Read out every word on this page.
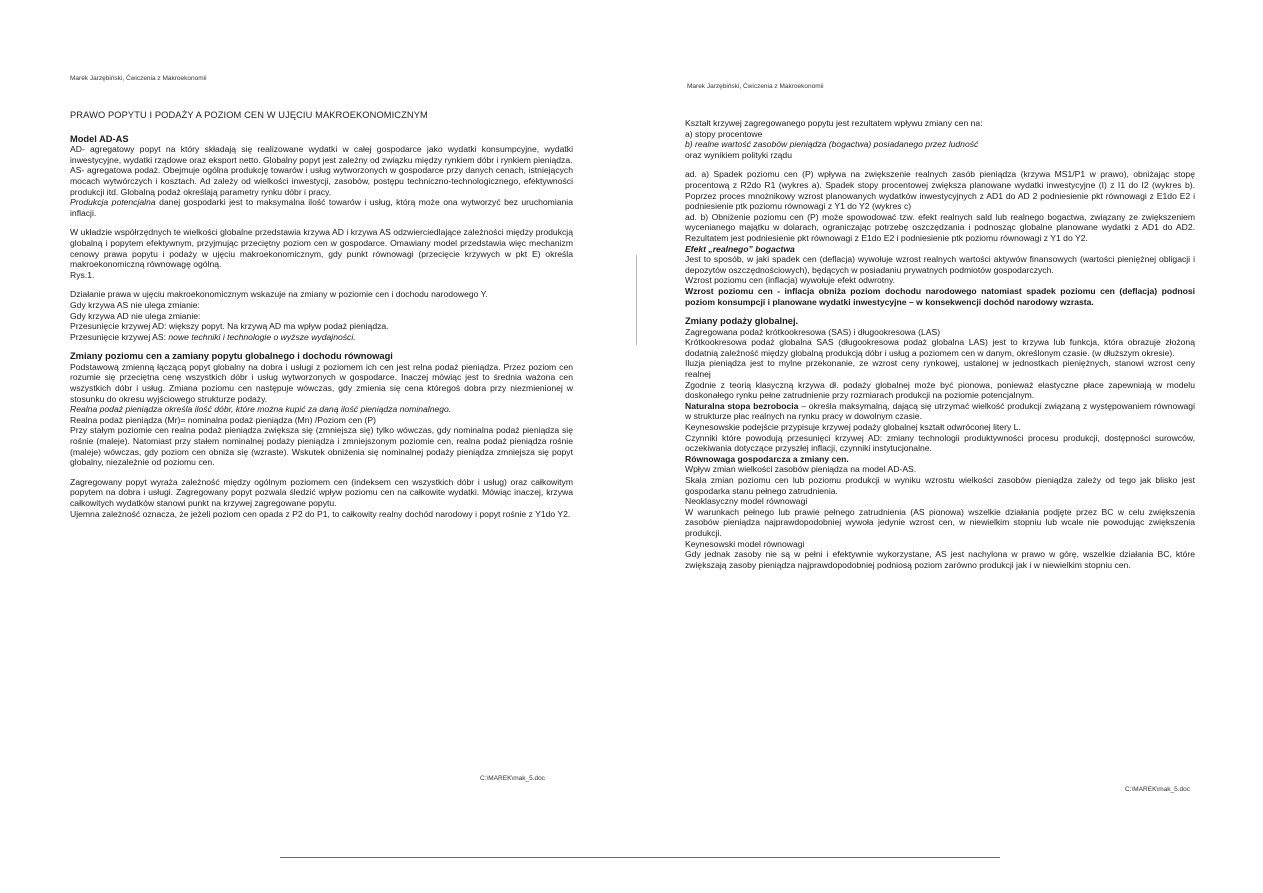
Marek Jarzębiński, Ćwiczenia z Makroekonomii

PRAWO POPYTU I PODAŻY A POZIOM CEN W UJĘCIU MAKROEKONOMICZNYM

Model AD-AS

AD- agregatowy popyt na który składają się realizowane wydatki w całej gospodarce jako wydatki konsumpcyjne, wydatki inwestycyjne, wydatki rządowe oraz eksport netto. Globalny popyt jest zależny od związku między rynkiem dóbr i rynkiem pieniądza.

AS- agregatowa podaż. Obejmuje ogólna produkcję towarów i usług wytworzonych w gospodarce przy danych cenach, istniejących mocach wytwórczych i kosztach. Ad zależy od wielkości inwestycji, zasobów, postępu techniczno-technologicznego, efektywności produkcji itd. Globalną podaż określają parametry rynku dóbr i pracy.

Produkcja potencjalna danej gospodarki jest to maksymalna ilość towarów i usług, którą może ona wytworzyć bez uruchomiania inflacji.

W układzie współrzędnych te wielkości globalne przedstawia krzywa AD i krzywa AS odzwierciedlające zależności między produkcją globalną i popytem efektywnym, przyjmując przeciętny poziom cen w gospodarce. Omawiany model przedstawia więc mechanizm cenowy prawa popytu i podaży w ujęciu makroekonomicznym, gdy punkt równowagi (przecięcie krzywych w pkt E) określa makroekonomiczną równowagę ogólną.

Rys.1.

Działanie prawa w ujęciu makroekonomicznym wskazuje na zmiany w poziomie cen i dochodu narodowego Y.

Gdy krzywa AS nie ulega zmianie:

Gdy krzywa AD nie ulega zmianie:

Przesunięcie krzywej AD: większy popyt. Na krzywą AD ma wpływ podaż pieniądza.

Przesunięcie krzywej AS: nowe techniki i technologie o wyższe wydajności.

Zmiany poziomu cen a zamiany popytu globalnego i dochodu równowagi

Podstawową zmienną łączącą popyt globalny na dobra i usługi z poziomem ich cen jest relna podaż pieniądza. Przez poziom cen rozumie się przeciętna cenę wszystkich dóbr i usług wytworzonych w gospodarce. Inaczej mówiąc jest to średnia ważona cen wszystkich dóbr i usług. Zmiana poziomu cen następuje wówczas, gdy zmienia się cena któregoś dobra przy niezmienionej w stosunku do okresu wyjściowego strukturze podaży.

Realna podaż pieniądza określa ilość dóbr, które można kupić za daną ilość pieniądza nominalnego.

Realna podaż pieniądza (Mr)= nominalna podaż pieniądza (Mn) /Poziom cen (P)

Przy stałym poziomie cen realna podaż pieniądza zwiększa się (zmniejsza się) tylko wówczas, gdy nominalna podaż pieniądza się rośnie (maleje). Natomiast przy stałem nominalnej podaży pieniądza i zmniejszonym poziomie cen, realna podaż pieniądza rośnie (maleje) wówczas, gdy poziom cen obniża się (wzraste). Wskutek obniżenia się nominalnej podaży pieniądza zmniejsza się popyt globalny, niezależnie od poziomu cen.

Zagregowany popyt wyraża zależność między ogólnym poziomem cen (indeksem cen wszystkich dóbr i usług) oraz całkowitym popytem na dobra i usługi. Zagregowany popyt pozwala śledzić wpływ poziomu cen na całkowite wydatki. Mówiąc inaczej, krzywa całkowitych wydatków stanowi punkt na krzywej zagregowane popytu.

Ujemna zależność oznacza, że jeżeli poziom cen opada z P2 do P1, to całkowity realny dochód narodowy i popyt rośnie z Y1do Y2.

C:\MAREK\mak_5.doc
Marek Jarzębiński, Ćwiczenia z Makroekonomii

Kształt krzywej zagregowanego popytu jest rezultatem wpływu zmiany cen na:

a) stopy procentowe

b) realne wartość zasobów pieniądza (bogactwa) posiadanego przez ludność

oraz wynikiem polityki rządu

ad. a) Spadek poziomu cen (P) wpływa na zwiększenie realnych zasób pieniądza (krzywa MS1/P1 w prawo), obniżając stopę procentową z R2do R1 (wykres a). Spadek stopy procentowej zwiększa planowane wydatki inwestycyjne (I) z I1 do I2 (wykres b). Poprzez proces mnożnikowy wzrost planowanych wydatków inwestycyjnych z AD1 do AD 2 podniesienie pkt równowagi z E1do E2 i podniesienie ptk poziomu równowagi z Y1 do Y2 (wykres c)

ad. b) Obniżenie poziomu cen (P) może spowodować tzw. efekt realnych sald lub realnego bogactwa, związany ze zwiększeniem wycenianego majątku w dolarach, ograniczając potrzebę oszczędzania i podnosząc globalne planowane wydatki z AD1 do AD2. Rezultatem jest podniesienie pkt równowagi z E1do E2 i podniesienie ptk poziomu równowagi z Y1 do Y2.

Efekt „realnego” bogactwa

Jest to sposób, w jaki spadek cen (deflacja) wywołuje wzrost realnych wartości aktywów finansowych (wartości pieniężnej obligacji i depozytów oszczędnościowych), będących w posiadaniu prywatnych podmiotów gospodarczych.

Wzrost poziomu cen (inflacja) wywołuje efekt odwrotny.

Wzrost poziomu cen - inflacja obniża poziom dochodu narodowego natomiast spadek poziomu cen (deflacja) podnosi poziom konsumpcji i planowane wydatki inwestycyjne – w konsekwencji dochód narodowy wzrasta.

Zmiany podaży globalnej.

Zagregowana podaż krótkookresowa (SAS) i długookresowa (LAS)

Krótkookresowa podaż globalna SAS (długookresowa podaż globalna LAS) jest to krzywa lub funkcja, która obrazuje złożoną dodatnią zależność między globalną produkcją dóbr i usług a poziomem cen w danym, określonym czasie. (w dłuższym okresie).

Iluzja pieniądza jest to mylne przekonanie, ze wzrost ceny rynkowej, ustalonej w jednostkach pieniężnych, stanowi wzrost ceny realnej

Zgodnie z teorią klasyczną krzywa dł. podaży globalnej może być pionowa, ponieważ elastyczne płace zapewniają w modelu doskonałego rynku pełne zatrudnienie przy rozmiarach produkcji na poziomie potencjalnym.

Naturalna stopa bezrobocia – określa maksymalną, dającą się utrzymać wielkość produkcji związaną z występowaniem równowagi w strukturze płac realnych na rynku pracy w dowolnym czasie.

Keynesowskie podejście przypisuje krzywej podaży globalnej kształt odwróconej litery L.

Czynniki które powodują przesunięci krzywej AD: zmiany technologii produktywności procesu produkcji, dostępności surowców, oczekiwania dotyczące przyszłej inflacji, czynniki instytucjonalne.

Równowaga gospodarcza a zmiany cen.

Wpływ zmian wielkości zasobów pieniądza na model AD-AS.

Skala zmian poziomu cen lub poziomu produkcji w wyniku wzrostu wielkości zasobów pieniądza zależy od tego jak blisko jest gospodarka stanu pełnego zatrudnienia.

Neoklasyczny model równowagi

W warunkach pełnego lub prawie pełnego zatrudnienia (AS pionowa) wszelkie działania podjęte przez BC w celu zwiększenia zasobów pieniądza najprawdopodobniej wywoła jedynie wzrost cen, w niewielkim stopniu lub wcale nie powodując zwiększenia produkcji.

Keynesowski model równowagi

Gdy jednak zasoby nie są w pełni i efektywnie wykorzystane, AS jest nachylona w prawo w górę, wszelkie działania BC, które zwiększają zasoby pieniądza najprawdopodobniej podniosą poziom zarówno produkcji jak i w niewielkim stopniu cen.

C:\MAREK\mak_5.doc
